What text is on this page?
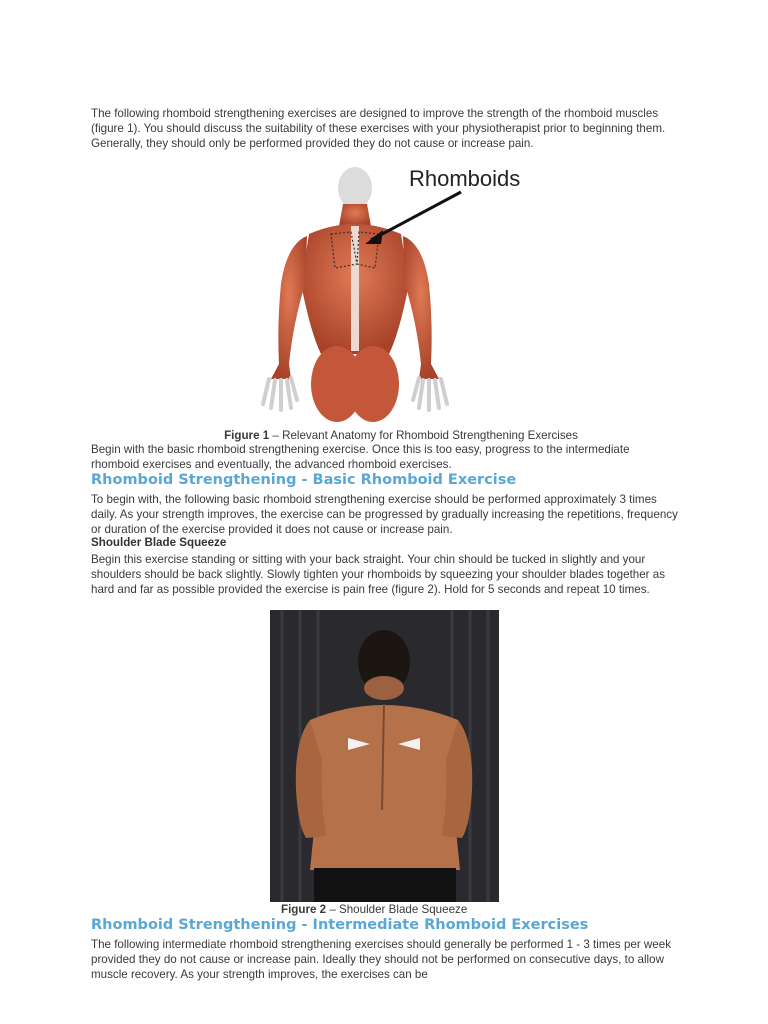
The following rhomboid strengthening exercises are designed to improve the strength of the rhomboid muscles (figure 1). You should discuss the suitability of these exercises with your physiotherapist prior to beginning them. Generally, they should only be performed provided they do not cause or increase pain.

Rhomboids

Figure 1 – Relevant Anatomy for Rhomboid Strengthening Exercises

Begin with the basic rhomboid strengthening exercise. Once this is too easy, progress to the intermediate rhomboid exercises and eventually, the advanced rhomboid exercises.

Rhomboid Strengthening - Basic Rhomboid Exercise

To begin with, the following basic rhomboid strengthening exercise should be performed approximately 3 times daily. As your strength improves, the exercise can be progressed by gradually increasing the repetitions, frequency or duration of the exercise provided it does not cause or increase pain.

Shoulder Blade Squeeze

Begin this exercise standing or sitting with your back straight. Your chin should be tucked in slightly and your shoulders should be back slightly. Slowly tighten your rhomboids by squeezing your shoulder blades together as hard and far as possible provided the exercise is pain free (figure 2). Hold for 5 seconds and repeat 10 times.

Figure 2 – Shoulder Blade Squeeze

Rhomboid Strengthening - Intermediate Rhomboid Exercises

The following intermediate rhomboid strengthening exercises should generally be performed 1 - 3 times per week provided they do not cause or increase pain. Ideally they should not be performed on consecutive days, to allow muscle recovery. As your strength improves, the exercises can be
